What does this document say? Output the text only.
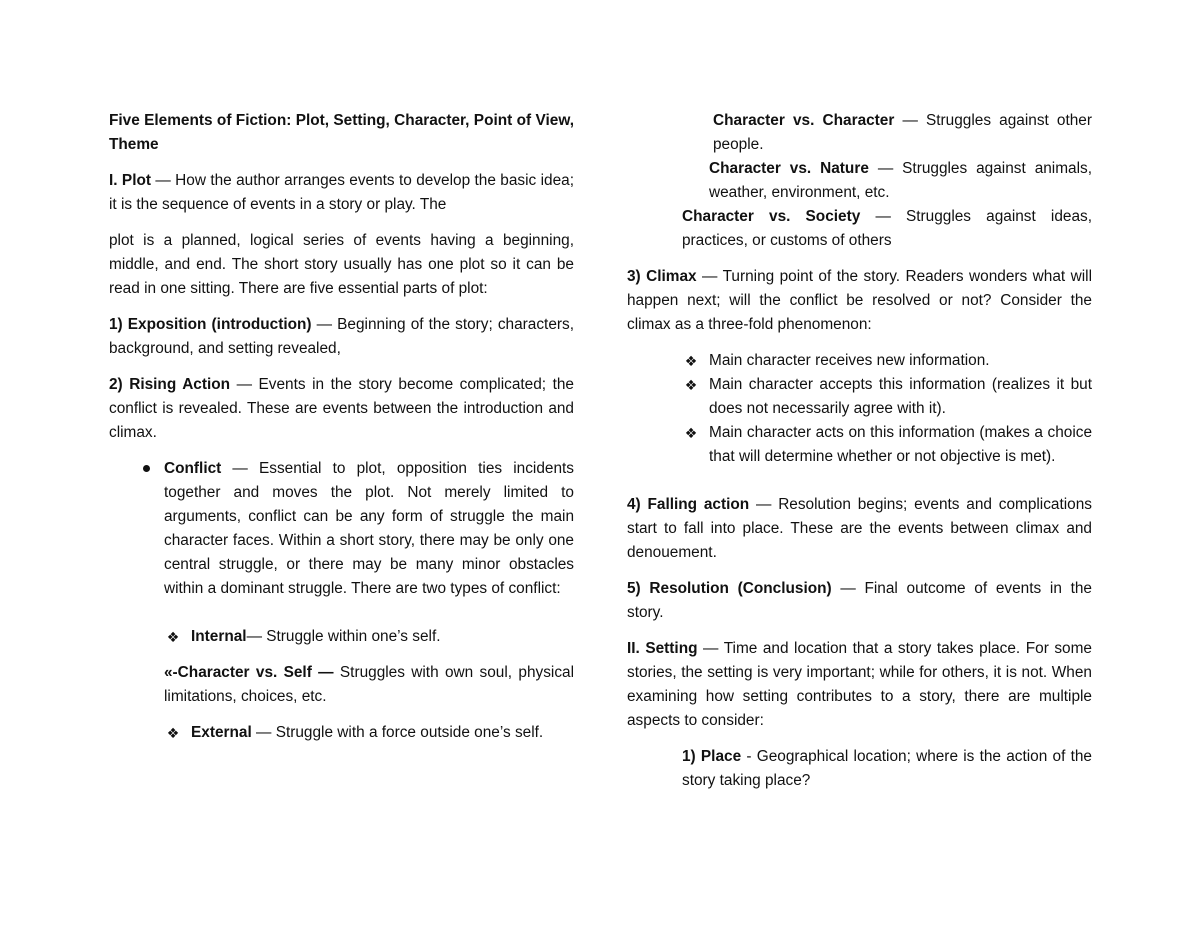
Five Elements of Fiction: Plot, Setting, Character, Point of View, Theme

I. Plot — How the author arranges events to develop the basic idea; it is the sequence of events in a story or play. The

plot is a planned, logical series of events having a beginning, middle, and end. The short story usually has one plot so it can be read in one sitting. There are five essential parts of plot:

1) Exposition (introduction) — Beginning of the story; characters, background, and setting revealed,

2) Rising Action — Events in the story become complicated; the conflict is revealed. These are events between the introduction and climax.

Conflict — Essential to plot, opposition ties incidents together and moves the plot. Not merely limited to arguments, conflict can be any form of struggle the main character faces. Within a short story, there may be only one central struggle, or there may be many minor obstacles within a dominant struggle. There are two types of conflict:

❖ Internal— Struggle within one’s self.

«-Character vs. Self — Struggles with own soul, physical limitations, choices, etc.

❖ External — Struggle with a force outside one’s self.

Character vs. Character — Struggles against other people.

Character vs. Nature — Struggles against animals, weather, environment, etc.

Character vs. Society — Struggles against ideas, practices, or customs of others

3) Climax — Turning point of the story. Readers wonders what will happen next; will the conflict be resolved or not? Consider the climax as a three-fold phenomenon:

❖ Main character receives new information.

❖ Main character accepts this information (realizes it but does not necessarily agree with it).

❖ Main character acts on this information (makes a choice that will determine whether or not objective is met).

4) Falling action — Resolution begins; events and complications start to fall into place. These are the events between climax and denouement.

5) Resolution (Conclusion) — Final outcome of events in the story.

II. Setting — Time and location that a story takes place. For some stories, the setting is very important; while for others, it is not. When examining how setting contributes to a story, there are multiple aspects to consider:

1) Place - Geographical location; where is the action of the story taking place?
